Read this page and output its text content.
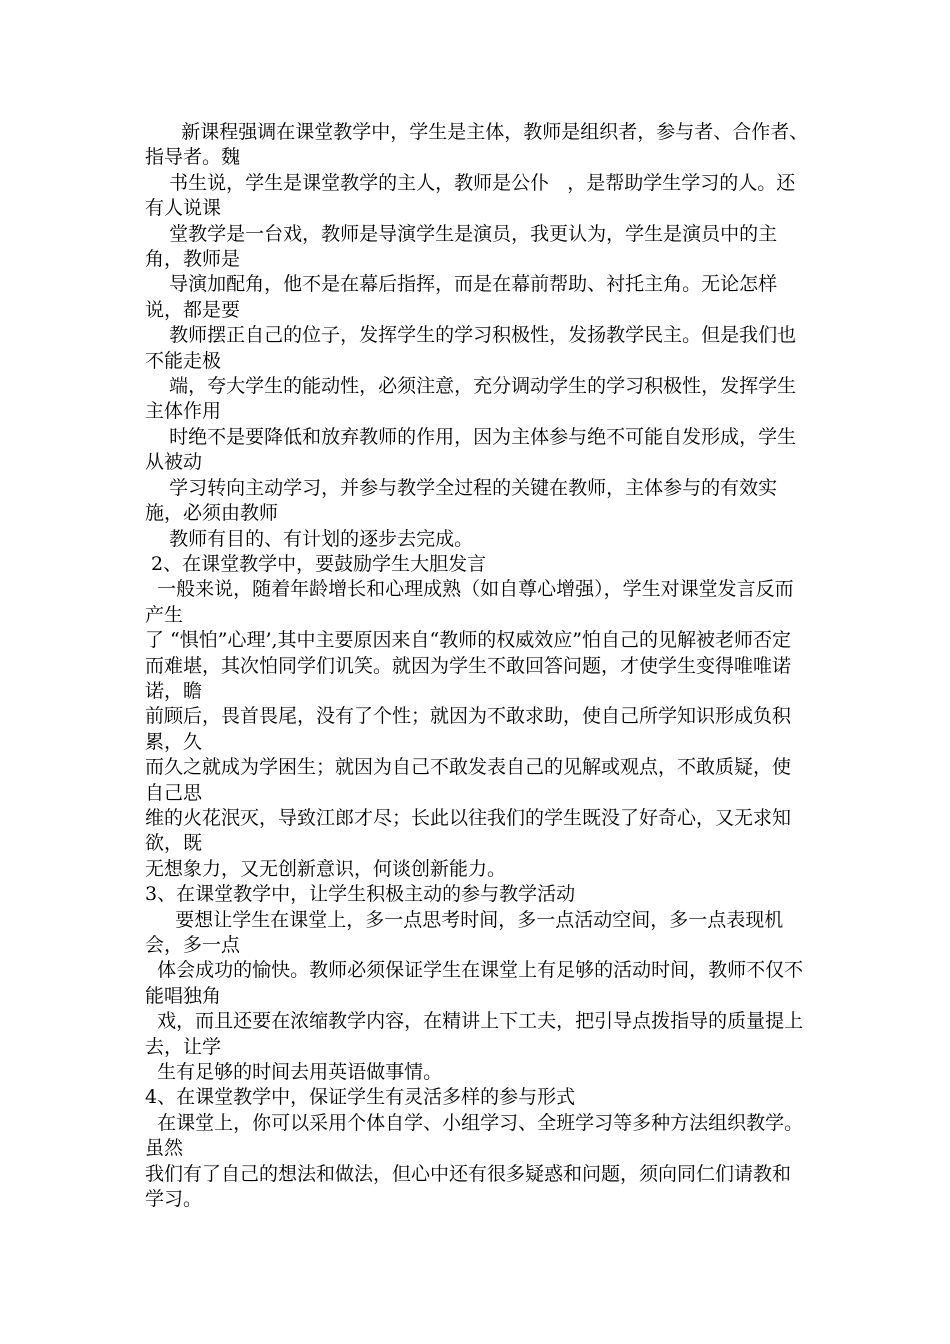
新课程强调在课堂教学中，学生是主体，教师是组织者，参与者、合作者、指导者。魏

书生说，学生是课堂教学的主人，教师是公仆   ，是帮助学生学习的人。还有人说课

堂教学是一台戏，教师是导演学生是演员，我更认为，学生是演员中的主角，教师是

导演加配角，他不是在幕后指挥，而是在幕前帮助、衬托主角。无论怎样说，都是要

教师摆正自己的位子，发挥学生的学习积极性，发扬教学民主。但是我们也不能走极

端，夸大学生的能动性，必须注意，充分调动学生的学习积极性，发挥学生主体作用

时绝不是要降低和放弃教师的作用，因为主体参与绝不可能自发形成，学生从被动

学习转向主动学习，并参与教学全过程的关键在教师，主体参与的有效实施，必须由教师

教师有目的、有计划的逐步去完成。

2、在课堂教学中，要鼓励学生大胆发言

一般来说，随着年龄增长和心理成熟（如自尊心增强），学生对课堂发言反而产生

了 “惧怕”心理’,其中主要原因来自“教师的权威效应”怕自己的见解被老师否定

而难堪，其次怕同学们讥笑。就因为学生不敢回答问题，才使学生变得唯唯诺诺，瞻

前顾后，畏首畏尾，没有了个性；就因为不敢求助，使自己所学知识形成负积累，久

而久之就成为学困生；就因为自己不敢发表自己的见解或观点，不敢质疑，使自己思

维的火花泯灭，导致江郎才尽；长此以往我们的学生既没了好奇心，又无求知欲，既

无想象力，又无创新意识，何谈创新能力。

3、在课堂教学中，让学生积极主动的参与教学活动

要想让学生在课堂上，多一点思考时间，多一点活动空间，多一点表现机会，多一点

体会成功的愉快。教师必须保证学生在课堂上有足够的活动时间，教师不仅不能唱独角

戏，而且还要在浓缩教学内容，在精讲上下工夫，把引导点拨指导的质量提上去，让学

生有足够的时间去用英语做事情。

4、在课堂教学中，保证学生有灵活多样的参与形式

在课堂上，你可以采用个体自学、小组学习、全班学习等多种方法组织教学。虽然

我们有了自己的想法和做法，但心中还有很多疑惑和问题，须向同仁们请教和学习。
